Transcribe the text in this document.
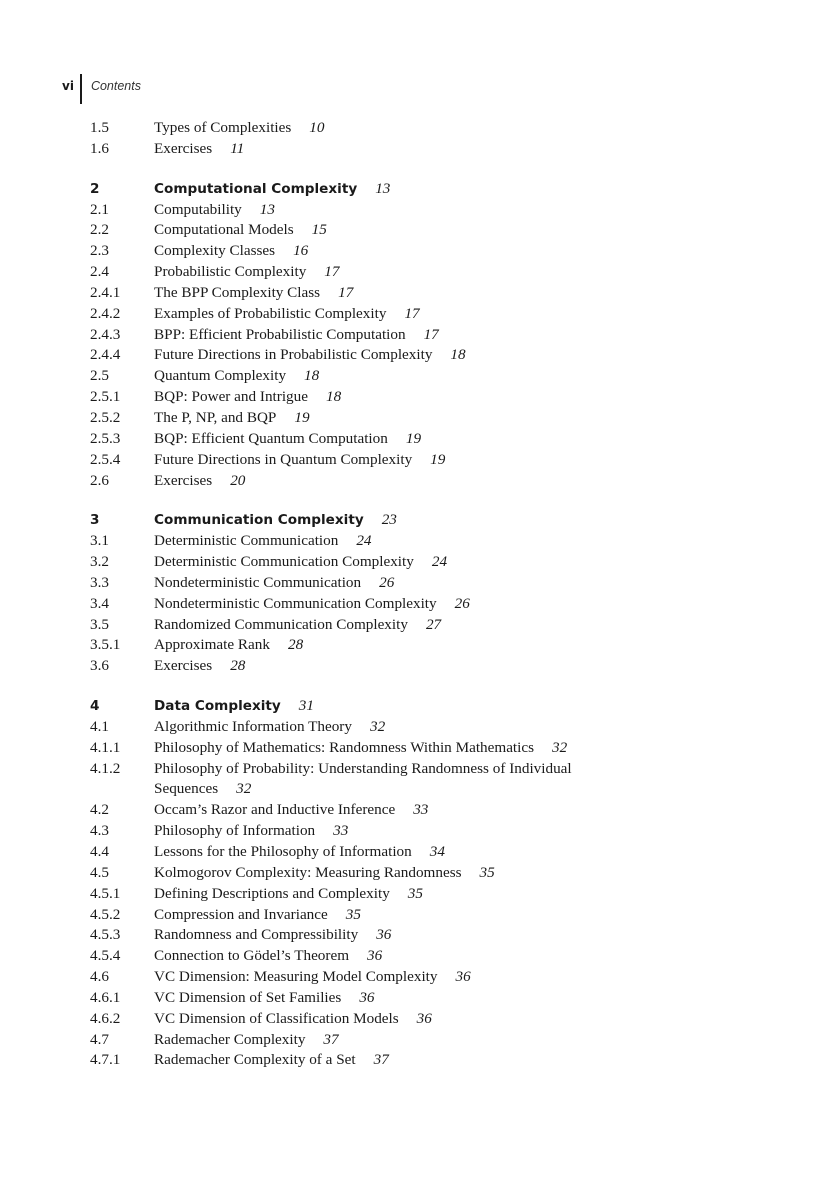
vi Contents
1.5	Types of Complexities 10
1.6	Exercises 11
2	Computational Complexity 13
2.1	Computability 13
2.2	Computational Models 15
2.3	Complexity Classes 16
2.4	Probabilistic Complexity 17
2.4.1	The BPP Complexity Class 17
2.4.2	Examples of Probabilistic Complexity 17
2.4.3	BPP: Efficient Probabilistic Computation 17
2.4.4	Future Directions in Probabilistic Complexity 18
2.5	Quantum Complexity 18
2.5.1	BQP: Power and Intrigue 18
2.5.2	The P, NP, and BQP 19
2.5.3	BQP: Efficient Quantum Computation 19
2.5.4	Future Directions in Quantum Complexity 19
2.6	Exercises 20
3	Communication Complexity 23
3.1	Deterministic Communication 24
3.2	Deterministic Communication Complexity 24
3.3	Nondeterministic Communication 26
3.4	Nondeterministic Communication Complexity 26
3.5	Randomized Communication Complexity 27
3.5.1	Approximate Rank 28
3.6	Exercises 28
4	Data Complexity 31
4.1	Algorithmic Information Theory 32
4.1.1	Philosophy of Mathematics: Randomness Within Mathematics 32
4.1.2	Philosophy of Probability: Understanding Randomness of Individual Sequences 32
4.2	Occam’s Razor and Inductive Inference 33
4.3	Philosophy of Information 33
4.4	Lessons for the Philosophy of Information 34
4.5	Kolmogorov Complexity: Measuring Randomness 35
4.5.1	Defining Descriptions and Complexity 35
4.5.2	Compression and Invariance 35
4.5.3	Randomness and Compressibility 36
4.5.4	Connection to Gödel’s Theorem 36
4.6	VC Dimension: Measuring Model Complexity 36
4.6.1	VC Dimension of Set Families 36
4.6.2	VC Dimension of Classification Models 36
4.7	Rademacher Complexity 37
4.7.1	Rademacher Complexity of a Set 37
